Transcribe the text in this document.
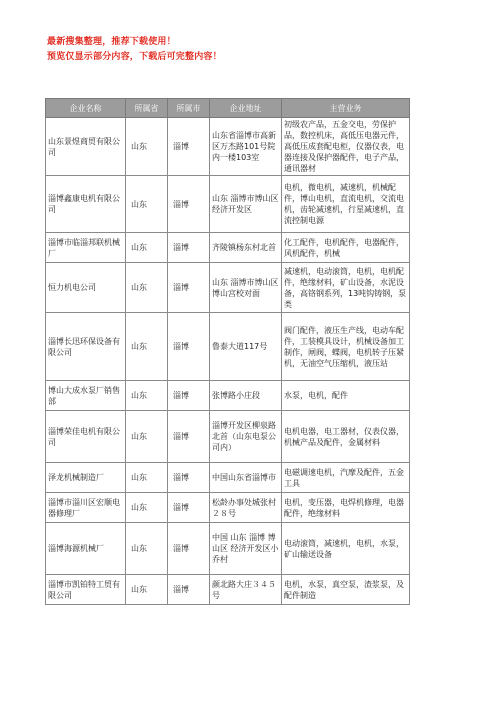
最新搜集整理，推荐下载使用！
预览仅显示部分内容，下载后可完整内容！
企业名称	所属省	所属市	企业地址	主营业务
山东景煜商贸有限公司	山东	淄博	山东省淄博市高新区万杰路101号院内一楼103室	初级农产品，五金交电，劳保护品，数控机床，高低压电器元件，高低压成套配电柜，仪器仪表，电器连接及保护器配件，电子产品，通讯器材
淄博鑫康电机有限公司	山东	淄博	山东 淄博市博山区经济开发区	电机，微电机，减速机，机械配件，博山电机，直流电机，交流电机，齿轮减速机，行星减速机，直流控制电源
淄博市临淄邦联机械厂	山东	淄博	齐陵镇杨东村北首	化工配件，电机配件，电器配件，风机配件，机械
恒力机电公司	山东	淄博	山东 淄博市博山区 博山宫校对面	减速机，电动滚筒，电机，电机配件，绝缘材料，矿山设备，水泥设备，高铬钢系列，13吨钩铸钢，泵类
淄博长迅环保设备有限公司	山东	淄博	鲁泰大道117号	阀门配件，液压生产线，电动车配件，工装模具设计，机械设备加工制作，闸阀，蝶阀，电机转子压紧机，无油空气压缩机，液压站
博山大成水泵厂销售部	山东	淄博	张博路小庄段	水泵，电机，配件
淄博荣佳电机有限公司	山东	淄博	淄博开发区柳泉路北首（山东电泵公司内）	电机电器，电工器材，仪表仪器，机械产品及配件，金属材料
泽龙机械制造厂	山东	淄博	中国山东省淄博市	电磁调速电机，汽摩及配件，五金工具
淄博市淄川区宏顺电器修理厂	山东	淄博	松龄办事处城张村２８号	电机，变压器，电焊机修理，电器配件，绝缘材料
淄博海源机械厂	山东	淄博	中国 山东 淄博 博山区 经济开发区小乔村	电动滚筒，减速机，电机，水泵，矿山输送设备
淄博市凯铂特工贸有限公司	山东	淄博	颜北路大庄３４５号	电机，水泵，真空泵，渣浆泵，及配件制造
